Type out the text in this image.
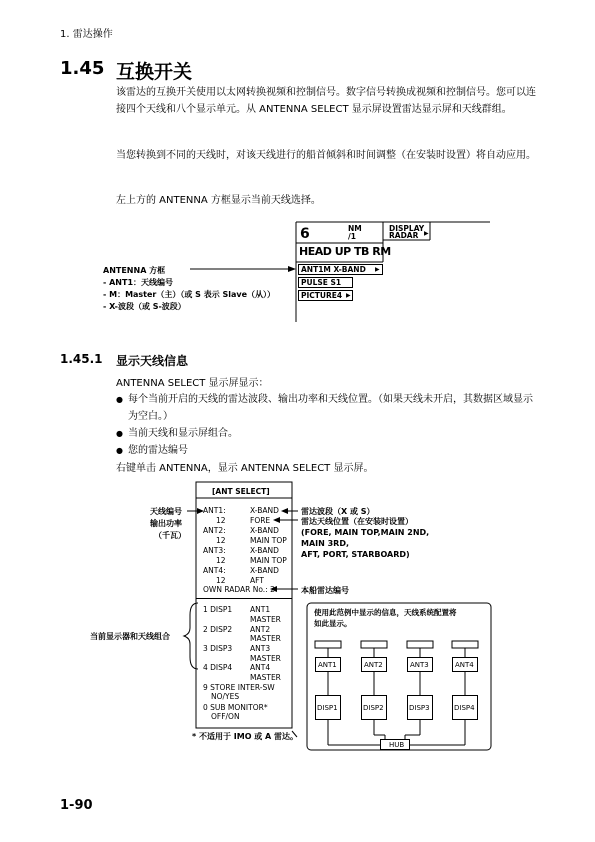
1. 雷达操作
1.45 互换开关
该雷达的互换开关使用以太网转换视频和控制信号。数字信号转换成视频和控制信号。您可以连接四个天线和八个显示单元。从 ANTENNA SELECT 显示屏设置雷达显示屏和天线群组。
当您转换到不同的天线时，对该天线进行的船首倾斜和时间调整（在安装时设置）将自动应用。
左上方的 ANTENNA 方框显示当前天线选择。
6	NM
/1
DISPLAY
RADAR ▶
HEAD UP TB RM
ANT1M X-BAND ▶
PULSE S1
PICTURE4 ▶
ANTENNA 方框
- ANT1：天线编号
- M：Master（主）（或 S 表示 Slave（从））
- X-波段（或 S-波段）
1.45.1 显示天线信息
ANTENNA SELECT 显示屏显示：
● 每个当前开启的天线的雷达波段、输出功率和天线位置。（如果天线未开启，其数据区域显示为空白。）
● 当前天线和显示屏组合。
● 您的雷达编号
右键单击 ANTENNA，显示 ANTENNA SELECT 显示屏。
[ANT SELECT]
ANT1:	X-BAND
12	FORE
ANT2:	X-BAND
12	MAIN TOP
ANT3:	X-BAND
12	MAIN TOP
ANT4:	X-BAND
12	AFT
OWN RADAR No.: 2
1 DISP1 ANT1
MASTER
2 DISP2 ANT2
MASTER
3 DISP3 ANT3
MASTER
4 DISP4 ANT4
MASTER
9 STORE INTER-SW
NO/YES
0 SUB MONITOR*
OFF/ON
天线编号
输出功率
（千瓦）
当前显示器和天线组合
雷达波段（X 或 S）
雷达天线位置（在安装时设置）
(FORE, MAIN TOP,MAIN 2ND,
MAIN 3RD,
AFT, PORT, STARBOARD)
本船雷达编号
* 不适用于 IMO 或 A 雷达。
使用此范例中显示的信息，天线系统配置将
如此显示。
ANT1	ANT2	ANT3	ANT4
DISP1	DISP2	DISP3	DISP4
HUB
1-90
